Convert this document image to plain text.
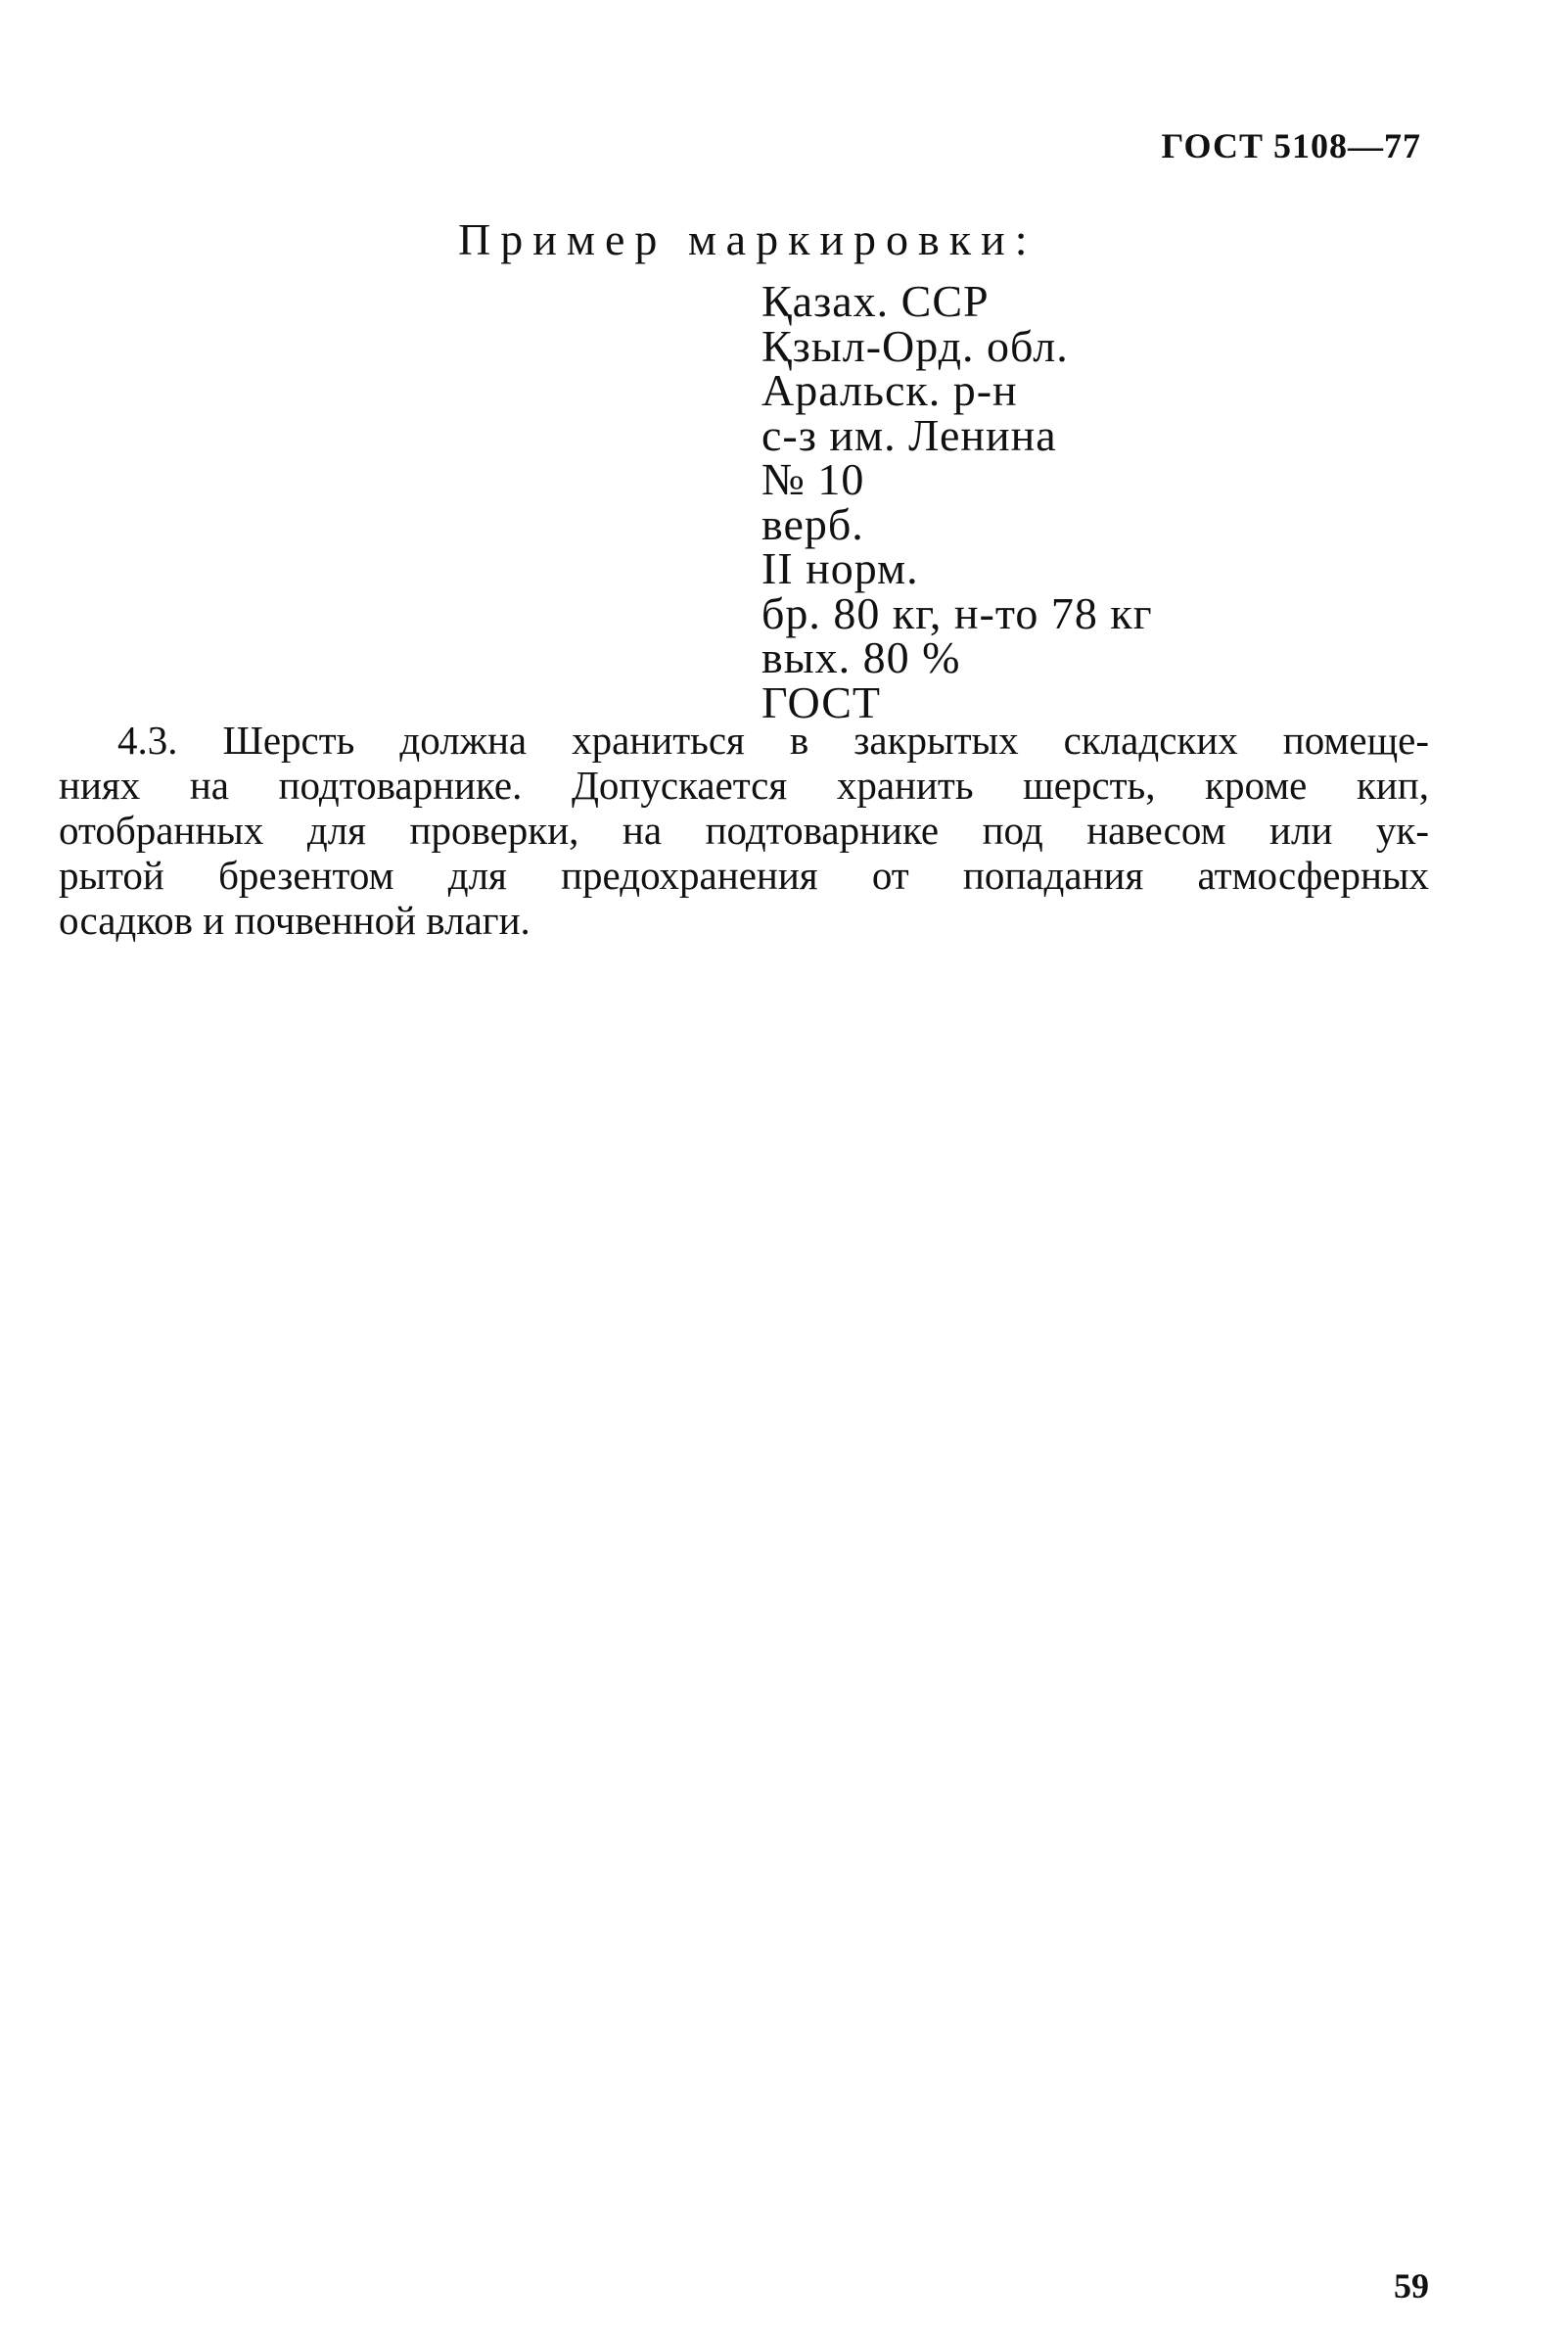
ГОСТ 5108—77
Пример маркировки:
Қазах. ССР
Қзыл-Орд. обл.
Аральск. р-н
с-з им. Ленина
№ 10
верб.
II норм.
бр. 80 кг, н-то 78 кг
вых. 80 %
ГОСТ
4.3. Шерсть должна храниться в закрытых складских помеще-
ниях на подтоварнике. Допускается хранить шерсть, кроме кип,
отобранных для проверки, на подтоварнике под навесом или ук-
рытой брезентом для предохранения от попадания атмосферных
осадков и почвенной влаги.
59
